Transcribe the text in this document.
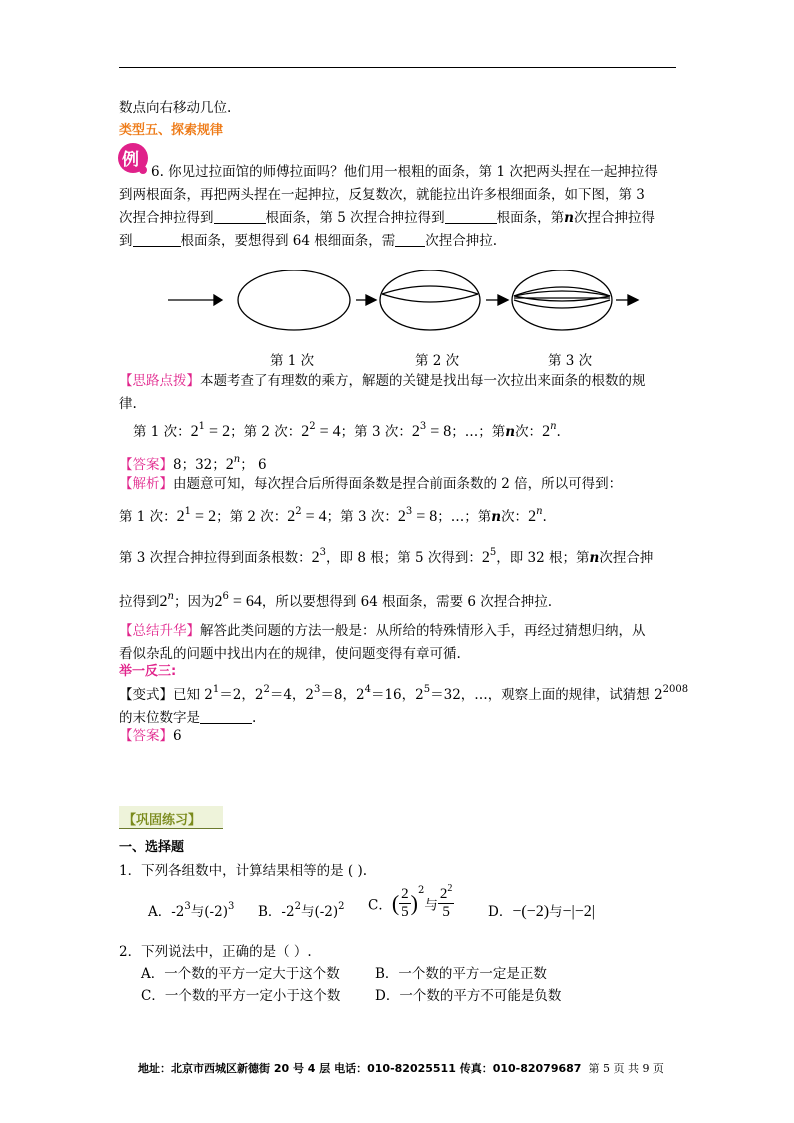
数点向右移动几位.
类型五、探索规律
例
6. 你见过拉面馆的师傅拉面吗？他们用一根粗的面条，第 1 次把两头捏在一起抻拉得
到两根面条，再把两头捏在一起抻拉，反复数次，就能拉出许多根细面条，如下图，第 3
次捏合抻拉得到	根面条，第 5 次捏合抻拉得到	根面条，第n次捏合抻拉得
到	根面条，要想得到 64 根细面条，需 次捏合抻拉.
第 1 次	第 2 次	第 3 次
【思路点拨】本题考查了有理数的乘方，解题的关键是找出每一次拉出来面条的根数的规
律.
第 1 次：$2^1 = 2$；第 2 次：$2^2 = 4$；第 3 次：$2^3 = 8$；…；第n次：2$^n$.
【答案】8；32；2$^n$； 6
【解析】由题意可知，每次捏合后所得面条数是捏合前面条数的 2 倍，所以可得到：
第 1 次：$2^1 = 2$；第 2 次：$2^2 = 4$；第 3 次：$2^3 = 8$；…；第n次：2$^n$.
第 3 次捏合抻拉得到面条根数：$2^3$，即 8 根；第 5 次得到：$2^5$，即 32 根；第n次捏合抻
拉得到2$^n$；因为$2^6 = 64$，所以要想得到 64 根面条，需要 6 次捏合抻拉.
【总结升华】解答此类问题的方法一般是：从所给的特殊情形入手，再经过猜想归纳，从
看似杂乱的问题中找出内在的规律，使问题变得有章可循.
举一反三:
【变式】已知 $2^1=2$，$2^2=4$，$2^3=8$，$2^4=16$，$2^5=32$，…，观察上面的规律，试猜想 $2^{2008}$
的末位数字是	.
【答案】6
【巩固练习】
一、选择题
1．下列各组数中，计算结果相等的是 ( ).
A．$-2^3$与$(-2)^3$ B．$-2^2$与$(-2)^2$ C．( $\frac{2}{5} )^2$与 $\frac{2^2}{5}$ D．−(−2)与−|−2|
2．下列说法中，正确的是（ ）.
A．一个数的平方一定大于这个数	B．一个数的平方一定是正数
C．一个数的平方一定小于这个数	D．一个数的平方不可能是负数
地址：北京市西城区新德街 20 号 4 层 电话：010-82025511 传真：010-82079687 第 5 页 共 9 页
